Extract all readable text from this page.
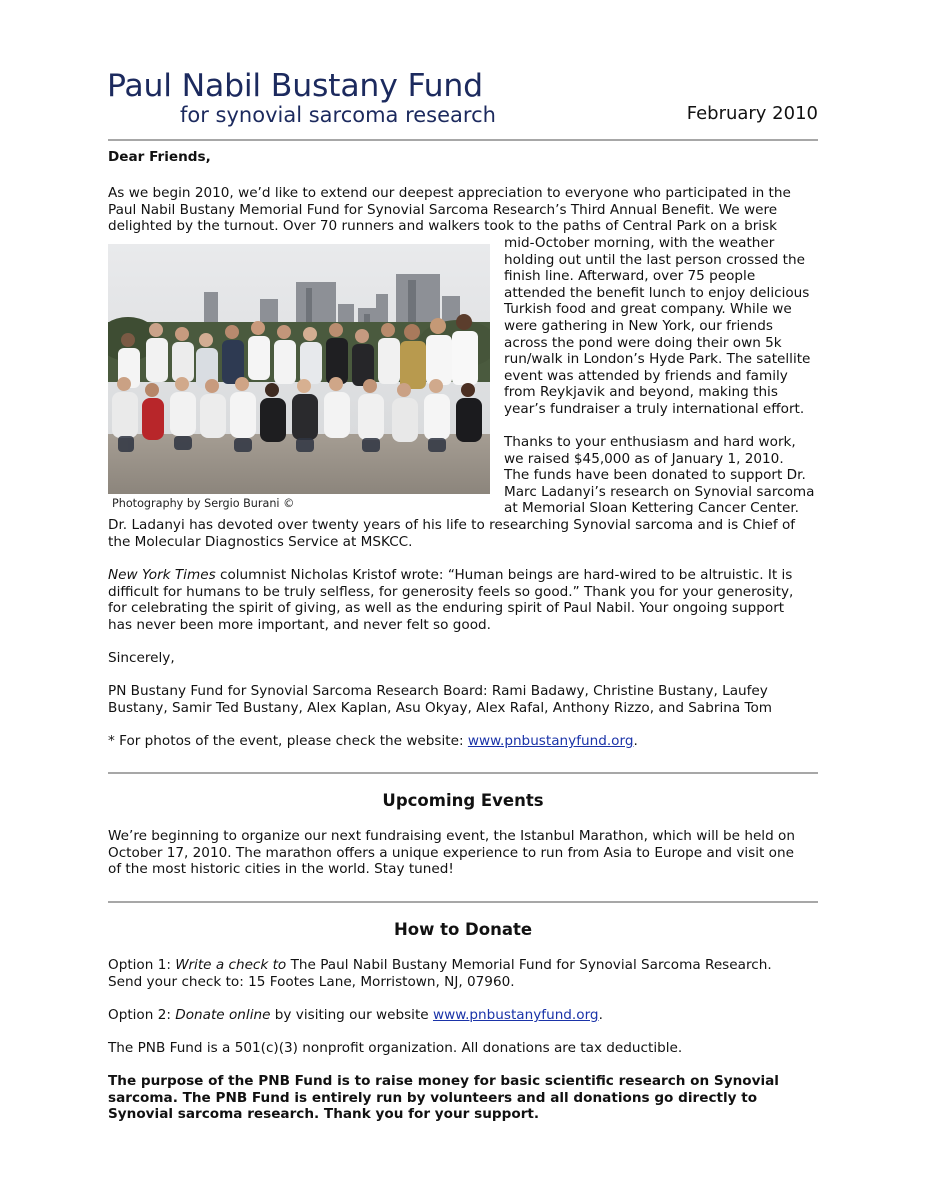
Paul Nabil Bustany Fund
for synovial sarcoma research	February 2010
Dear Friends,
As we begin 2010, we’d like to extend our deepest appreciation to everyone who participated in the
Paul Nabil Bustany Memorial Fund for Synovial Sarcoma Research’s Third Annual Benefit. We were
delighted by the turnout. Over 70 runners and walkers took to the paths of Central Park on a brisk
Photography by Sergio Burani ©
mid-October morning, with the weather
holding out until the last person crossed the
finish line. Afterward, over 75 people
attended the benefit lunch to enjoy delicious
Turkish food and great company. While we
were gathering in New York, our friends
across the pond were doing their own 5k
run/walk in London’s Hyde Park. The satellite
event was attended by friends and family
from Reykjavik and beyond, making this
year’s fundraiser a truly international effort.
Thanks to your enthusiasm and hard work,
we raised $45,000 as of January 1, 2010.
The funds have been donated to support Dr.
Marc Ladanyi’s research on Synovial sarcoma
at Memorial Sloan Kettering Cancer Center.
Dr. Ladanyi has devoted over twenty years of his life to researching Synovial sarcoma and is Chief of
the Molecular Diagnostics Service at MSKCC.
New York Times columnist Nicholas Kristof wrote: “Human beings are hard-wired to be altruistic. It is
difficult for humans to be truly selfless, for generosity feels so good.” Thank you for your generosity,
for celebrating the spirit of giving, as well as the enduring spirit of Paul Nabil. Your ongoing support
has never been more important, and never felt so good.
Sincerely,
PN Bustany Fund for Synovial Sarcoma Research Board: Rami Badawy, Christine Bustany, Laufey
Bustany, Samir Ted Bustany, Alex Kaplan, Asu Okyay, Alex Rafal, Anthony Rizzo, and Sabrina Tom
* For photos of the event, please check the website: www.pnbustanyfund.org.
Upcoming Events
We’re beginning to organize our next fundraising event, the Istanbul Marathon, which will be held on
October 17, 2010. The marathon offers a unique experience to run from Asia to Europe and visit one
of the most historic cities in the world. Stay tuned!
How to Donate
Option 1: Write a check to The Paul Nabil Bustany Memorial Fund for Synovial Sarcoma Research.
Send your check to: 15 Footes Lane, Morristown, NJ, 07960.
Option 2: Donate online by visiting our website www.pnbustanyfund.org.
The PNB Fund is a 501(c)(3) nonprofit organization. All donations are tax deductible.
The purpose of the PNB Fund is to raise money for basic scientific research on Synovial
sarcoma. The PNB Fund is entirely run by volunteers and all donations go directly to
Synovial sarcoma research. Thank you for your support.
